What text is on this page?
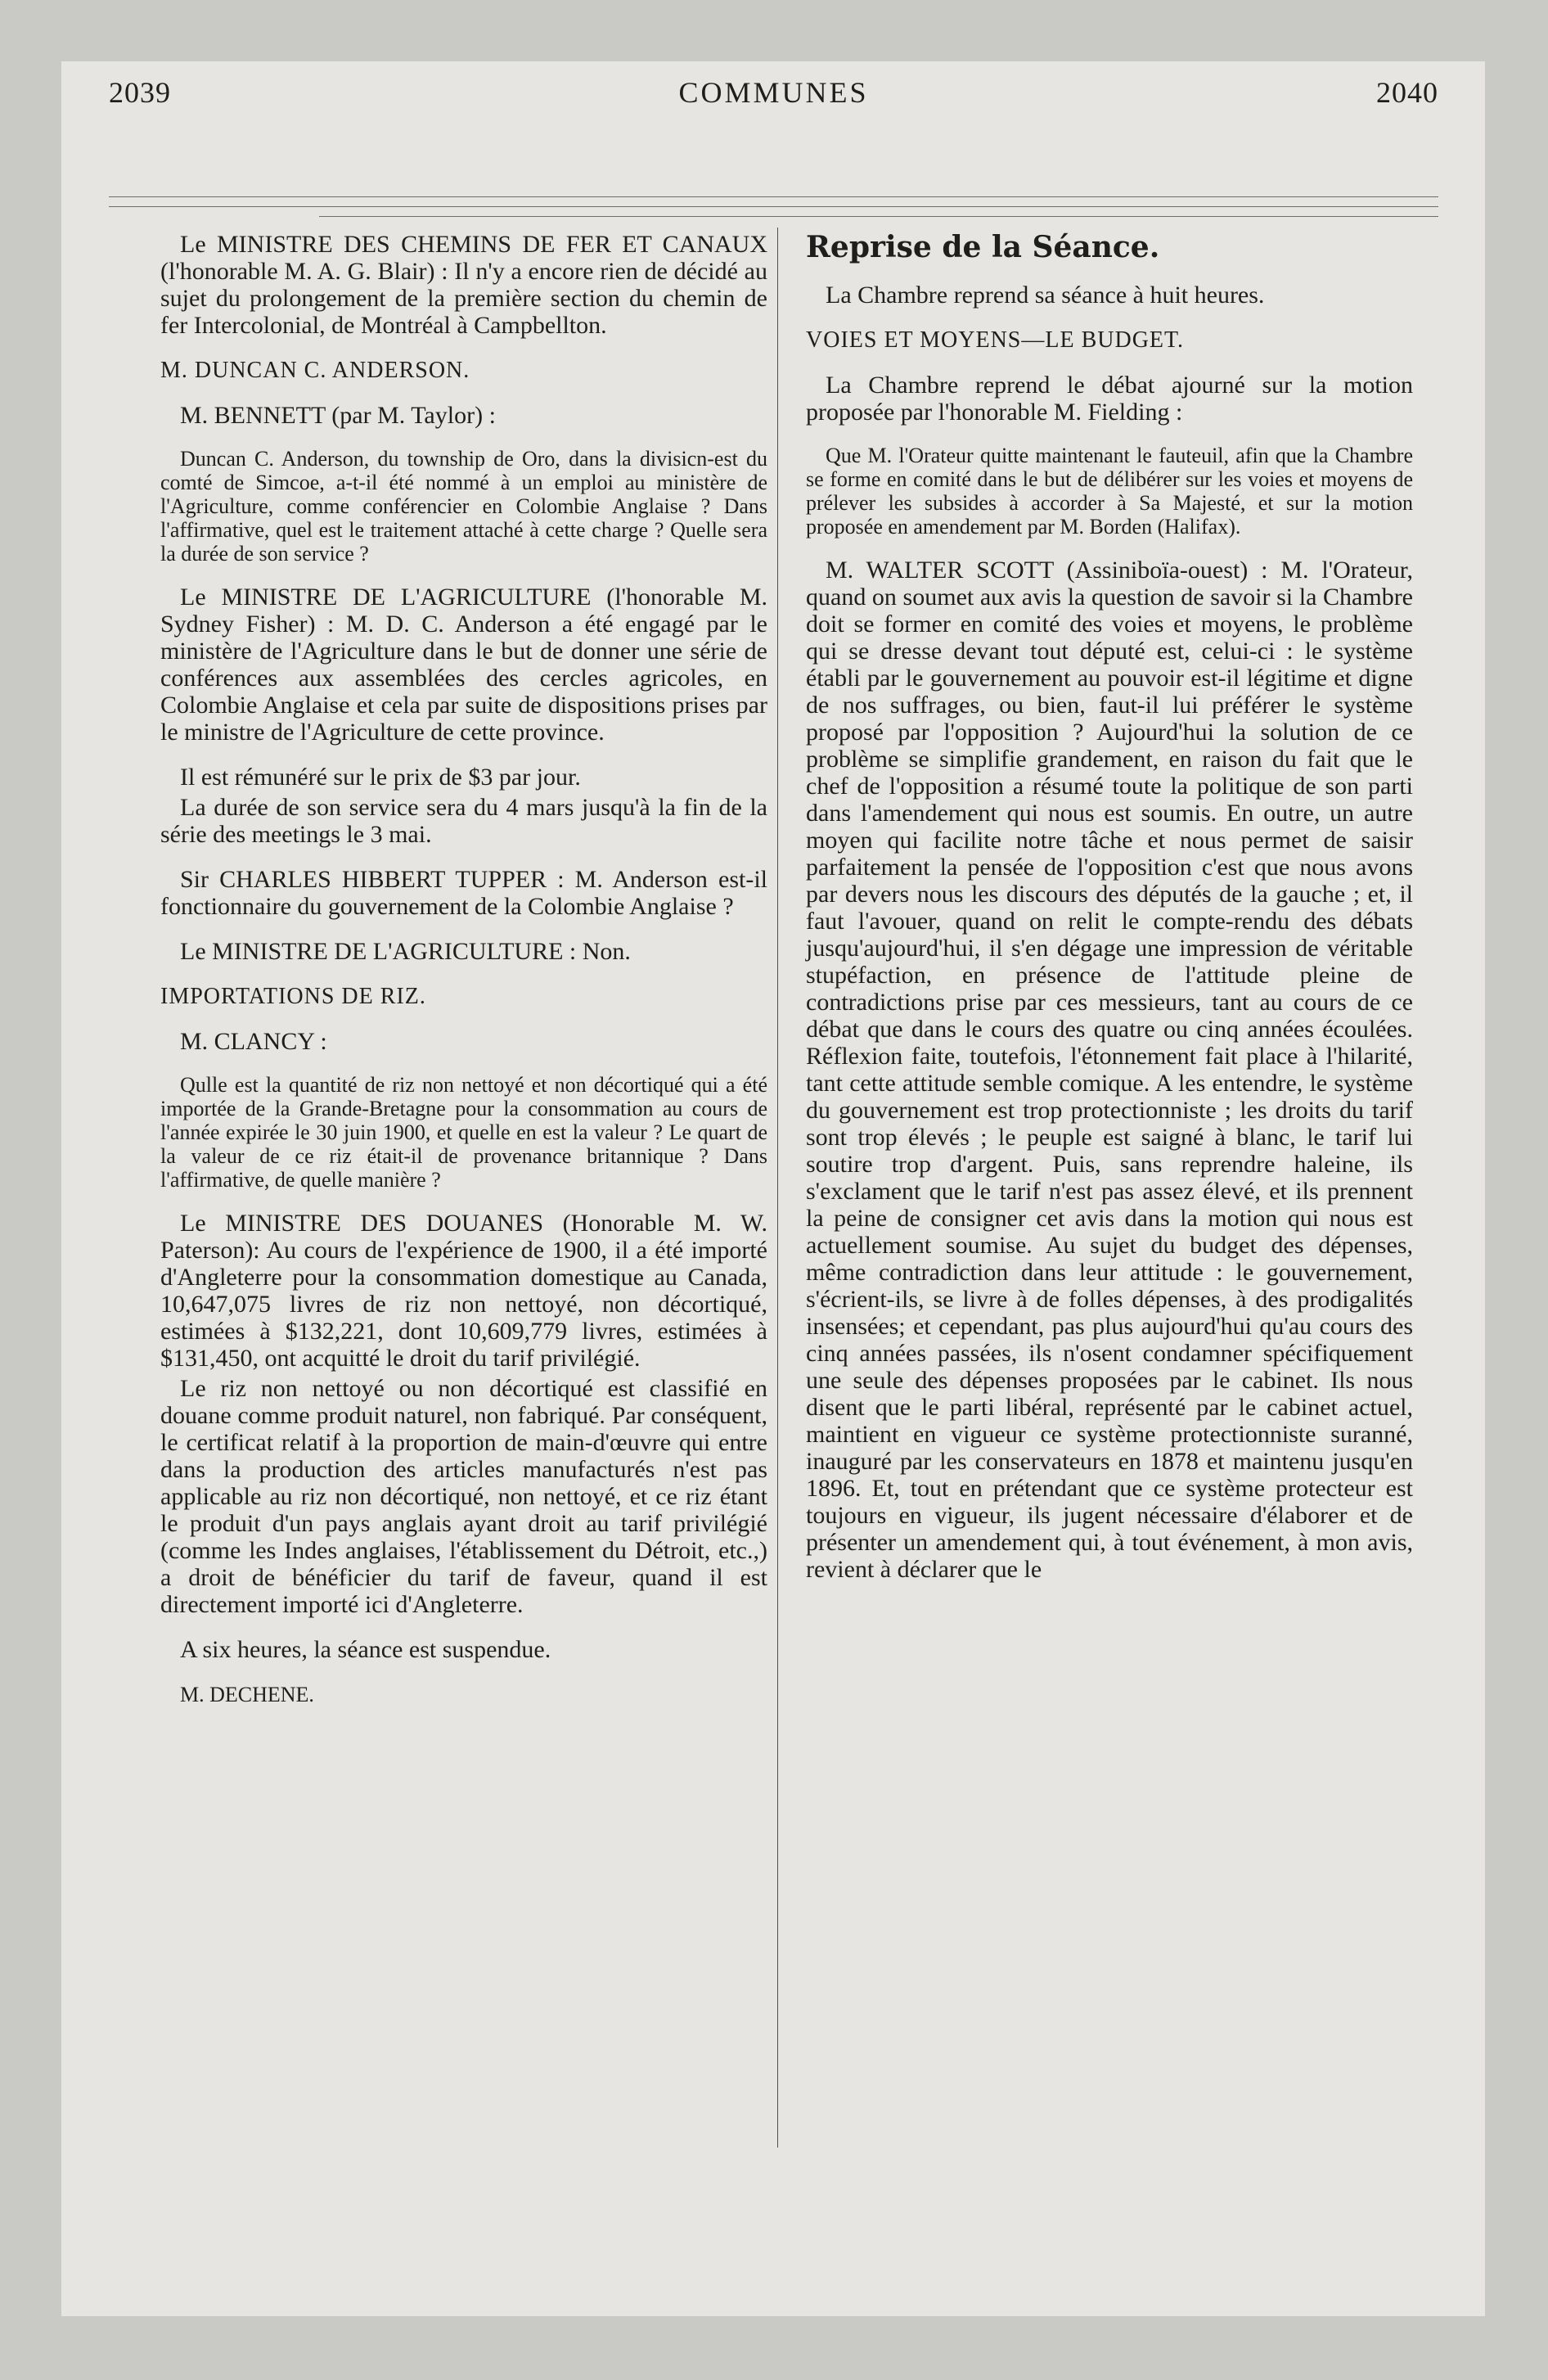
2039	COMMUNES	2040

Le MINISTRE DES CHEMINS DE FER ET CANAUX (l'honorable M. A. G. Blair) : Il n'y a encore rien de décidé au sujet du prolongement de la première section du chemin de fer Intercolonial, de Montréal à Campbellton.

M. DUNCAN C. ANDERSON.

M. BENNETT (par M. Taylor) :

Duncan C. Anderson, du township de Oro, dans la divisicn-est du comté de Simcoe, a-t-il été nommé à un emploi au ministère de l'Agriculture, comme conférencier en Colombie Anglaise ? Dans l'affirmative, quel est le traitement attaché à cette charge ? Quelle sera la durée de son service ?

Le MINISTRE DE L'AGRICULTURE (l'honorable M. Sydney Fisher) : M. D. C. Anderson a été engagé par le ministère de l'Agriculture dans le but de donner une série de conférences aux assemblées des cercles agricoles, en Colombie Anglaise et cela par suite de dispositions prises par le ministre de l'Agriculture de cette province.

Il est rémunéré sur le prix de $3 par jour.

La durée de son service sera du 4 mars jusqu'à la fin de la série des meetings le 3 mai.

Sir CHARLES HIBBERT TUPPER : M. Anderson est-il fonctionnaire du gouvernement de la Colombie Anglaise ?

Le MINISTRE DE L'AGRICULTURE : Non.

IMPORTATIONS DE RIZ.

M. CLANCY :

Qulle est la quantité de riz non nettoyé et non décortiqué qui a été importée de la Grande-Bretagne pour la consommation au cours de l'année expirée le 30 juin 1900, et quelle en est la valeur ? Le quart de la valeur de ce riz était-il de provenance britannique ? Dans l'affirmative, de quelle manière ?

Le MINISTRE DES DOUANES (Honorable M. W. Paterson): Au cours de l'expérience de 1900, il a été importé d'Angleterre pour la consommation domestique au Canada, 10,647,075 livres de riz non nettoyé, non décortiqué, estimées à $132,221, dont 10,609,779 livres, estimées à $131,450, ont acquitté le droit du tarif privilégié.

Le riz non nettoyé ou non décortiqué est classifié en douane comme produit naturel, non fabriqué. Par conséquent, le certificat relatif à la proportion de main-d'œuvre qui entre dans la production des articles manufacturés n'est pas applicable au riz non décortiqué, non nettoyé, et ce riz étant le produit d'un pays anglais ayant droit au tarif privilégié (comme les Indes anglaises, l'établissement du Détroit, etc.,) a droit de bénéficier du tarif de faveur, quand il est directement importé ici d'Angleterre.

A six heures, la séance est suspendue.

M. DECHENE.

Reprise de la Séance.

La Chambre reprend sa séance à huit heures.

VOIES ET MOYENS—LE BUDGET.

La Chambre reprend le débat ajourné sur la motion proposée par l'honorable M. Fielding :

Que M. l'Orateur quitte maintenant le fauteuil, afin que la Chambre se forme en comité dans le but de délibérer sur les voies et moyens de prélever les subsides à accorder à Sa Majesté, et sur la motion proposée en amendement par M. Borden (Halifax).

M. WALTER SCOTT (Assiniboïa-ouest) : M. l'Orateur, quand on soumet aux avis la question de savoir si la Chambre doit se former en comité des voies et moyens, le problème qui se dresse devant tout député est, celui-ci : le système établi par le gouvernement au pouvoir est-il légitime et digne de nos suffrages, ou bien, faut-il lui préférer le système proposé par l'opposition ? Aujourd'hui la solution de ce problème se simplifie grandement, en raison du fait que le chef de l'opposition a résumé toute la politique de son parti dans l'amendement qui nous est soumis. En outre, un autre moyen qui facilite notre tâche et nous permet de saisir parfaitement la pensée de l'opposition c'est que nous avons par devers nous les discours des députés de la gauche ; et, il faut l'avouer, quand on relit le compte-rendu des débats jusqu'aujourd'hui, il s'en dégage une impression de véritable stupéfaction, en présence de l'attitude pleine de contradictions prise par ces messieurs, tant au cours de ce débat que dans le cours des quatre ou cinq années écoulées. Réflexion faite, toutefois, l'étonnement fait place à l'hilarité, tant cette attitude semble comique. A les entendre, le système du gouvernement est trop protectionniste ; les droits du tarif sont trop élevés ; le peuple est saigné à blanc, le tarif lui soutire trop d'argent. Puis, sans reprendre haleine, ils s'exclament que le tarif n'est pas assez élevé, et ils prennent la peine de consigner cet avis dans la motion qui nous est actuellement soumise. Au sujet du budget des dépenses, même contradiction dans leur attitude : le gouvernement, s'écrient-ils, se livre à de folles dépenses, à des prodigalités insensées; et cependant, pas plus aujourd'hui qu'au cours des cinq années passées, ils n'osent condamner spécifiquement une seule des dépenses proposées par le cabinet. Ils nous disent que le parti libéral, représenté par le cabinet actuel, maintient en vigueur ce système protectionniste suranné, inauguré par les conservateurs en 1878 et maintenu jusqu'en 1896. Et, tout en prétendant que ce système protecteur est toujours en vigueur, ils jugent nécessaire d'élaborer et de présenter un amendement qui, à tout événement, à mon avis, revient à déclarer que le
